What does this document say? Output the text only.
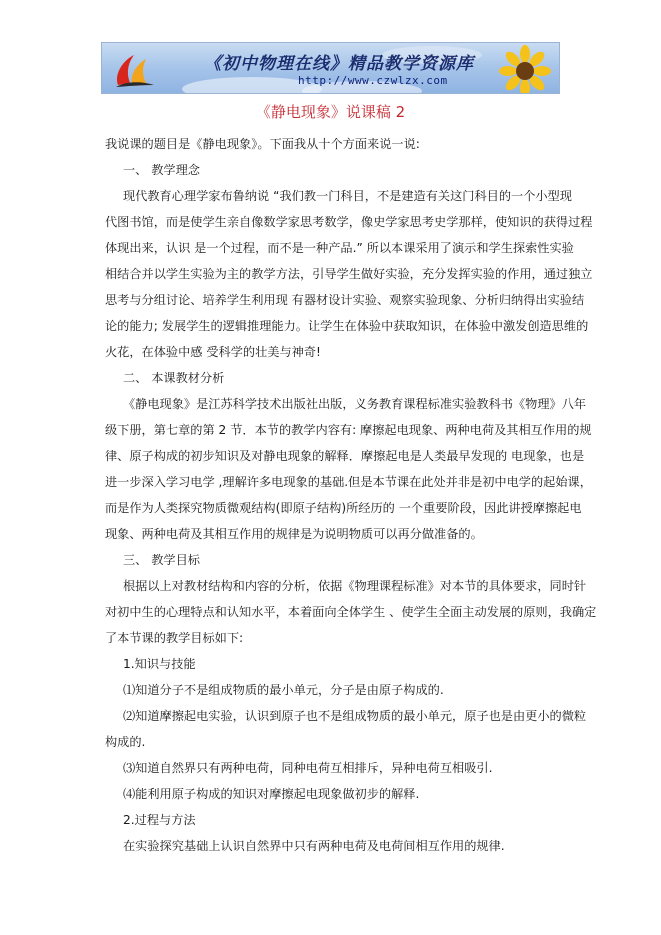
《初中物理在线》精品教学资源库
http://www.czwlzx.com
《静电现象》说课稿 2
我说课的题目是《静电现象》。下面我从十个方面来说一说:
一、 教学理念
现代教育心理学家布鲁纳说 “我们教一门科目，不是建造有关这门科目的一个小型现
代图书馆，而是使学生亲自像数学家思考数学，像史学家思考史学那样，使知识的获得过程
体现出来，认识 是一个过程，而不是一种产品.” 所以本课采用了演示和学生探索性实验
相结合并以学生实验为主的教学方法，引导学生做好实验，充分发挥实验的作用，通过独立
思考与分组讨论、培养学生利用现 有器材设计实验、观察实验现象、分析归纳得出实验结
论的能力; 发展学生的逻辑推理能力。让学生在体验中获取知识，在体验中激发创造思维的
火花，在体验中感 受科学的壮美与神奇!
二、 本课教材分析
《静电现象》是江苏科学技术出版社出版，义务教育课程标准实验教科书《物理》八年
级下册，第七章的第 2 节．本节的教学内容有: 摩擦起电现象、两种电荷及其相互作用的规
律、原子构成的初步知识及对静电现象的解释．摩擦起电是人类最早发现的 电现象，也是
进一步深入学习电学 ,理解许多电现象的基础.但是本节课在此处并非是初中电学的起始课，
而是作为人类探究物质微观结构(即原子结构)所经历的 一个重要阶段，因此讲授摩擦起电
现象、两种电荷及其相互作用的规律是为说明物质可以再分做准备的。
三、 教学目标
根据以上对教材结构和内容的分析，依据《物理课程标准》对本节的具体要求，同时针
对初中生的心理特点和认知水平，本着面向全体学生 、使学生全面主动发展的原则，我确定
了本节课的教学目标如下:
1.知识与技能
⑴知道分子不是组成物质的最小单元，分子是由原子构成的.
⑵知道摩擦起电实验，认识到原子也不是组成物质的最小单元，原子也是由更小的微粒
构成的.
⑶知道自然界只有两种电荷，同种电荷互相排斥，异种电荷互相吸引.
⑷能利用原子构成的知识对摩擦起电现象做初步的解释.
2.过程与方法
在实验探究基础上认识自然界中只有两种电荷及电荷间相互作用的规律.
